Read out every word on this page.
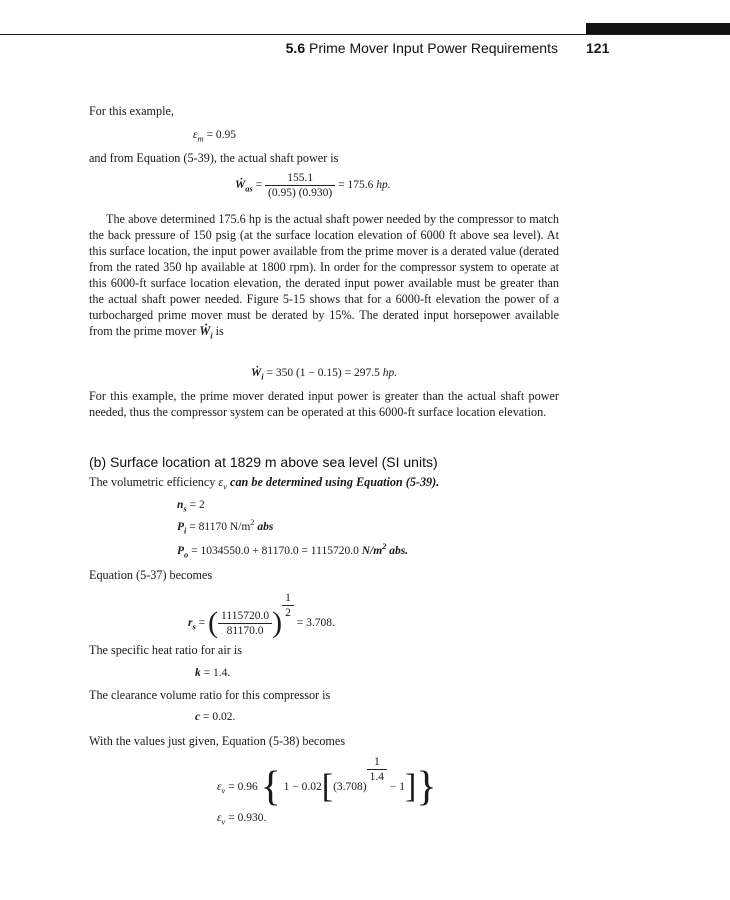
5.6 Prime Mover Input Power Requirements 121
For this example,
$\varepsilon_m = 0.95$
and from Equation (5-39), the actual shaft power is
Ẇ$_{as}$ = $\frac{155.1}{(0.95) (0.930)} = 175.6$ hp.

The above determined 175.6 hp is the actual shaft power needed by the compressor to match the back pressure of 150 psig (at the surface location elevation of 6000 ft above sea level). At this surface location, the input power available from the prime mover is a derated value (derated from the rated 350 hp available at 1800 rpm). In order for the compressor system to operate at this 6000-ft surface location elevation, the derated input power available must be greater than the actual shaft power needed. Figure 5-15 shows that for a 6000-ft elevation the power of a turbocharged prime mover must be derated by 15%. The derated input horsepower available from the prime mover Ẇ$_i$ is

Ẇ$_i$ = 350 (1 − 0.15) = 297.5 hp.

For this example, the prime mover derated input power is greater than the actual shaft power needed, thus the compressor system can be operated at this 6000-ft surface location elevation.

(b) Surface location at 1829 m above sea level (SI units)
The volumetric efficiency $\varepsilon_v$ can be determined using Equation (5-39).
$n_s = 2$
$P_i = 81170$ $N/m^2$ abs
$P_o = 1034550.0 + 81170.0 = 1115720.0$ $N/m^2$ abs.
Equation (5-37) becomes
$r_s$ = ( $\frac{1115720.0}{81170.0}$ )
$\frac{1}{2}$
= 3.708.
The specific heat ratio for air is
k = 1.4.
The clearance volume ratio for this compressor is
c = 0.02.
With the values just given, Equation (5-38) becomes
$\varepsilon_v = 0.96$ { 1 − 0.02[(3.708)
$\frac{1}{1.4}$
− 1]}
$\varepsilon_v = 0.930$.
